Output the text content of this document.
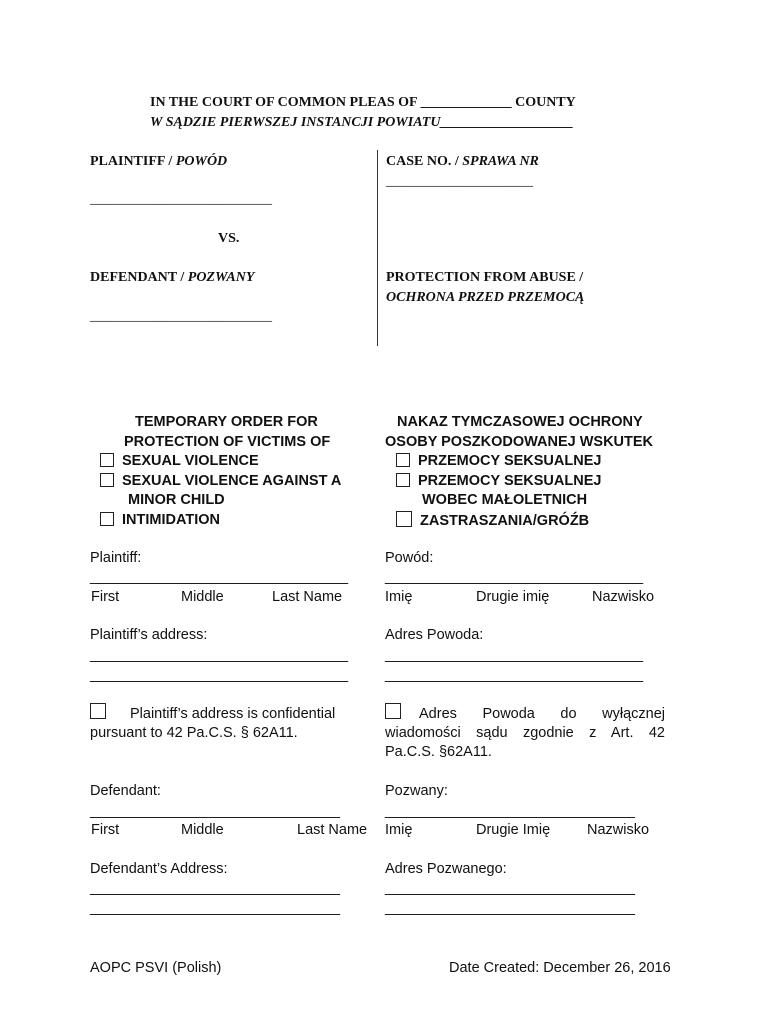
IN THE COURT OF COMMON PLEAS OF _____________ COUNTY
W SĄDZIE PIERWSZEJ INSTANCJI POWIATU___________________
PLAINTIFF / POWÓD
__________________________
VS.
DEFENDANT / POZWANY
__________________________
CASE NO. / SPRAWA NR
_____________________
PROTECTION FROM ABUSE /
OCHRONA PRZED PRZEMOCĄ
TEMPORARY ORDER FOR
PROTECTION OF VICTIMS OF
SEXUAL VIOLENCE
SEXUAL VIOLENCE AGAINST A
MINOR CHILD
INTIMIDATION
NAKAZ TYMCZASOWEJ OCHRONY
OSOBY POSZKODOWANEJ WSKUTEK
PRZEMOCY SEKSUALNEJ
PRZEMOCY SEKSUALNEJ
WOBEC MAŁOLETNICH
ZASTRASZANIA/GRÓŹB
Plaintiff:
________________________________
First	Middle	Last Name
Plaintiff’s address:
________________________________
________________________________
Plaintiff’s address is confidential
pursuant to 42 Pa.C.S. § 62A11.
Powód:
________________________________
Imię	Drugie imię	Nazwisko
Adres Powoda:
________________________________
________________________________
Adres Powoda do wyłącznej
wiadomości sądu zgodnie z Art. 42
Pa.C.S. §62A11.
Defendant:
_______________________________
First	Middle	Last Name
Defendant’s Address:
_______________________________
_______________________________
Pozwany:
_______________________________
Imię	Drugie Imię	Nazwisko
Adres Pozwanego:
_______________________________
_______________________________
AOPC PSVI (Polish)	Date Created: December 26, 2016
